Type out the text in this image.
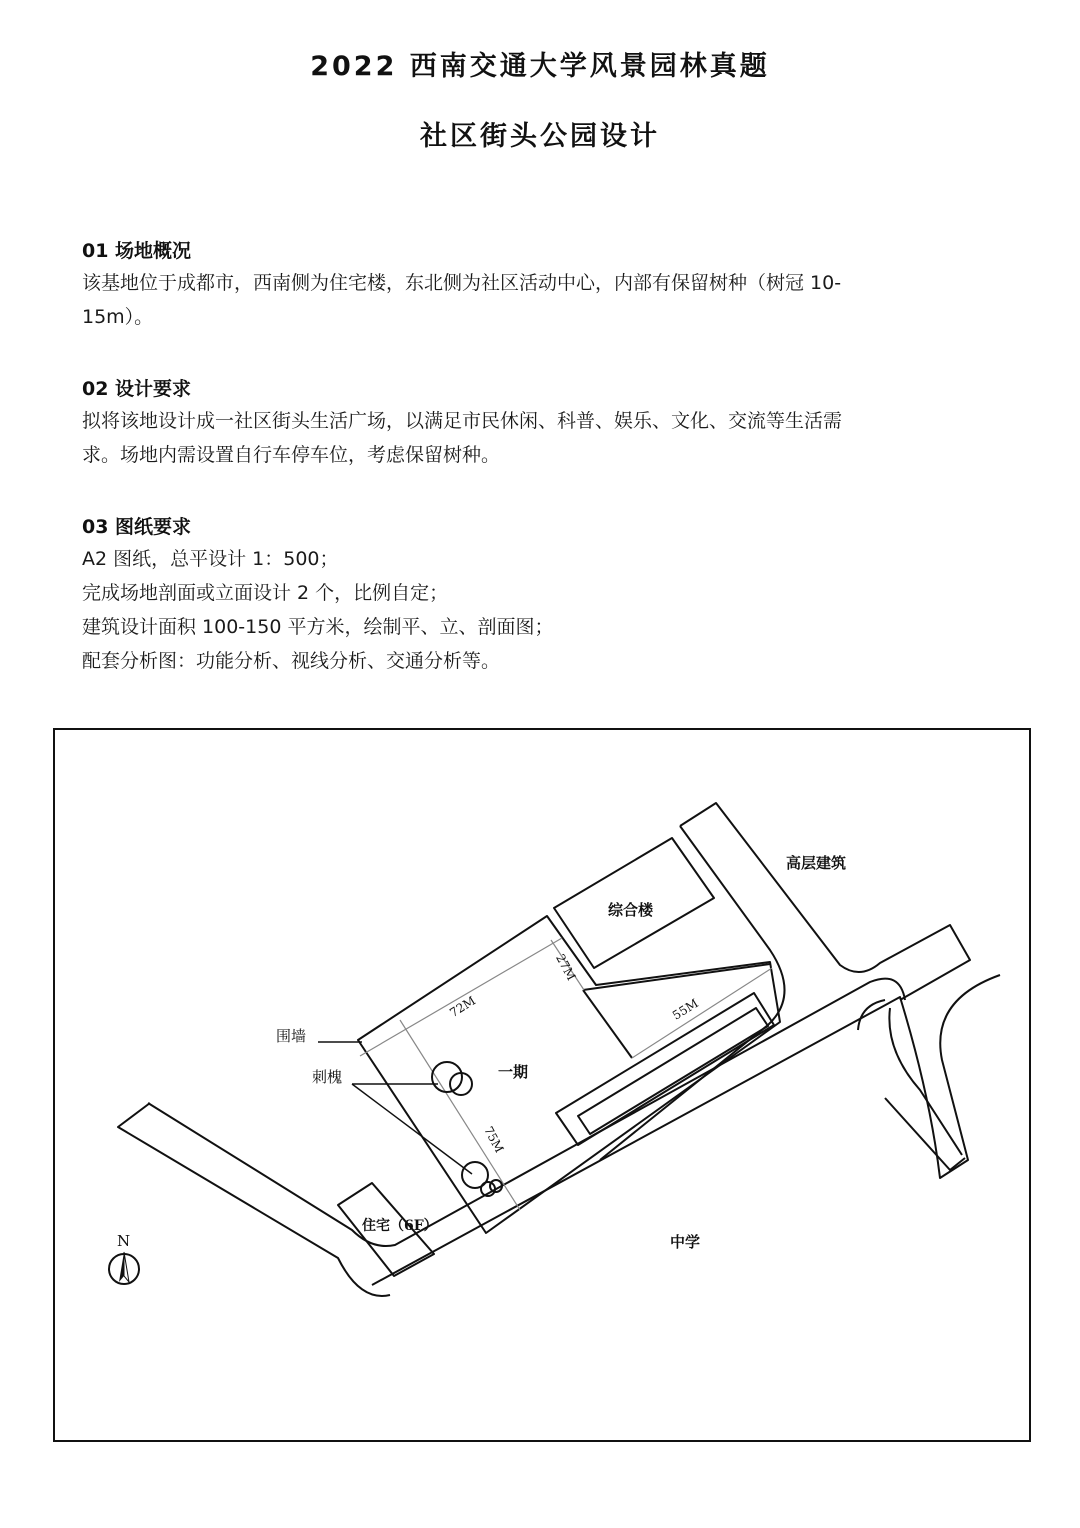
2022 西南交通大学风景园林真题
社区街头公园设计
01 场地概况

该基地位于成都市，西南侧为住宅楼，东北侧为社区活动中心，内部有保留树种（树冠 10-

15m）。

02 设计要求

拟将该地设计成一社区街头生活广场，以满足市民休闲、科普、娱乐、文化、交流等生活需

求。场地内需设置自行车停车位，考虑保留树种。

03 图纸要求

A2 图纸，总平设计 1：500；

完成场地剖面或立面设计 2 个，比例自定；

建筑设计面积 100-150 平方米，绘制平、立、剖面图；

配套分析图：功能分析、视线分析、交通分析等。

高层建筑
综合楼
围墙
刺槐	一期
住宅（6F）
中学
N
72M
27M
55M
75M
